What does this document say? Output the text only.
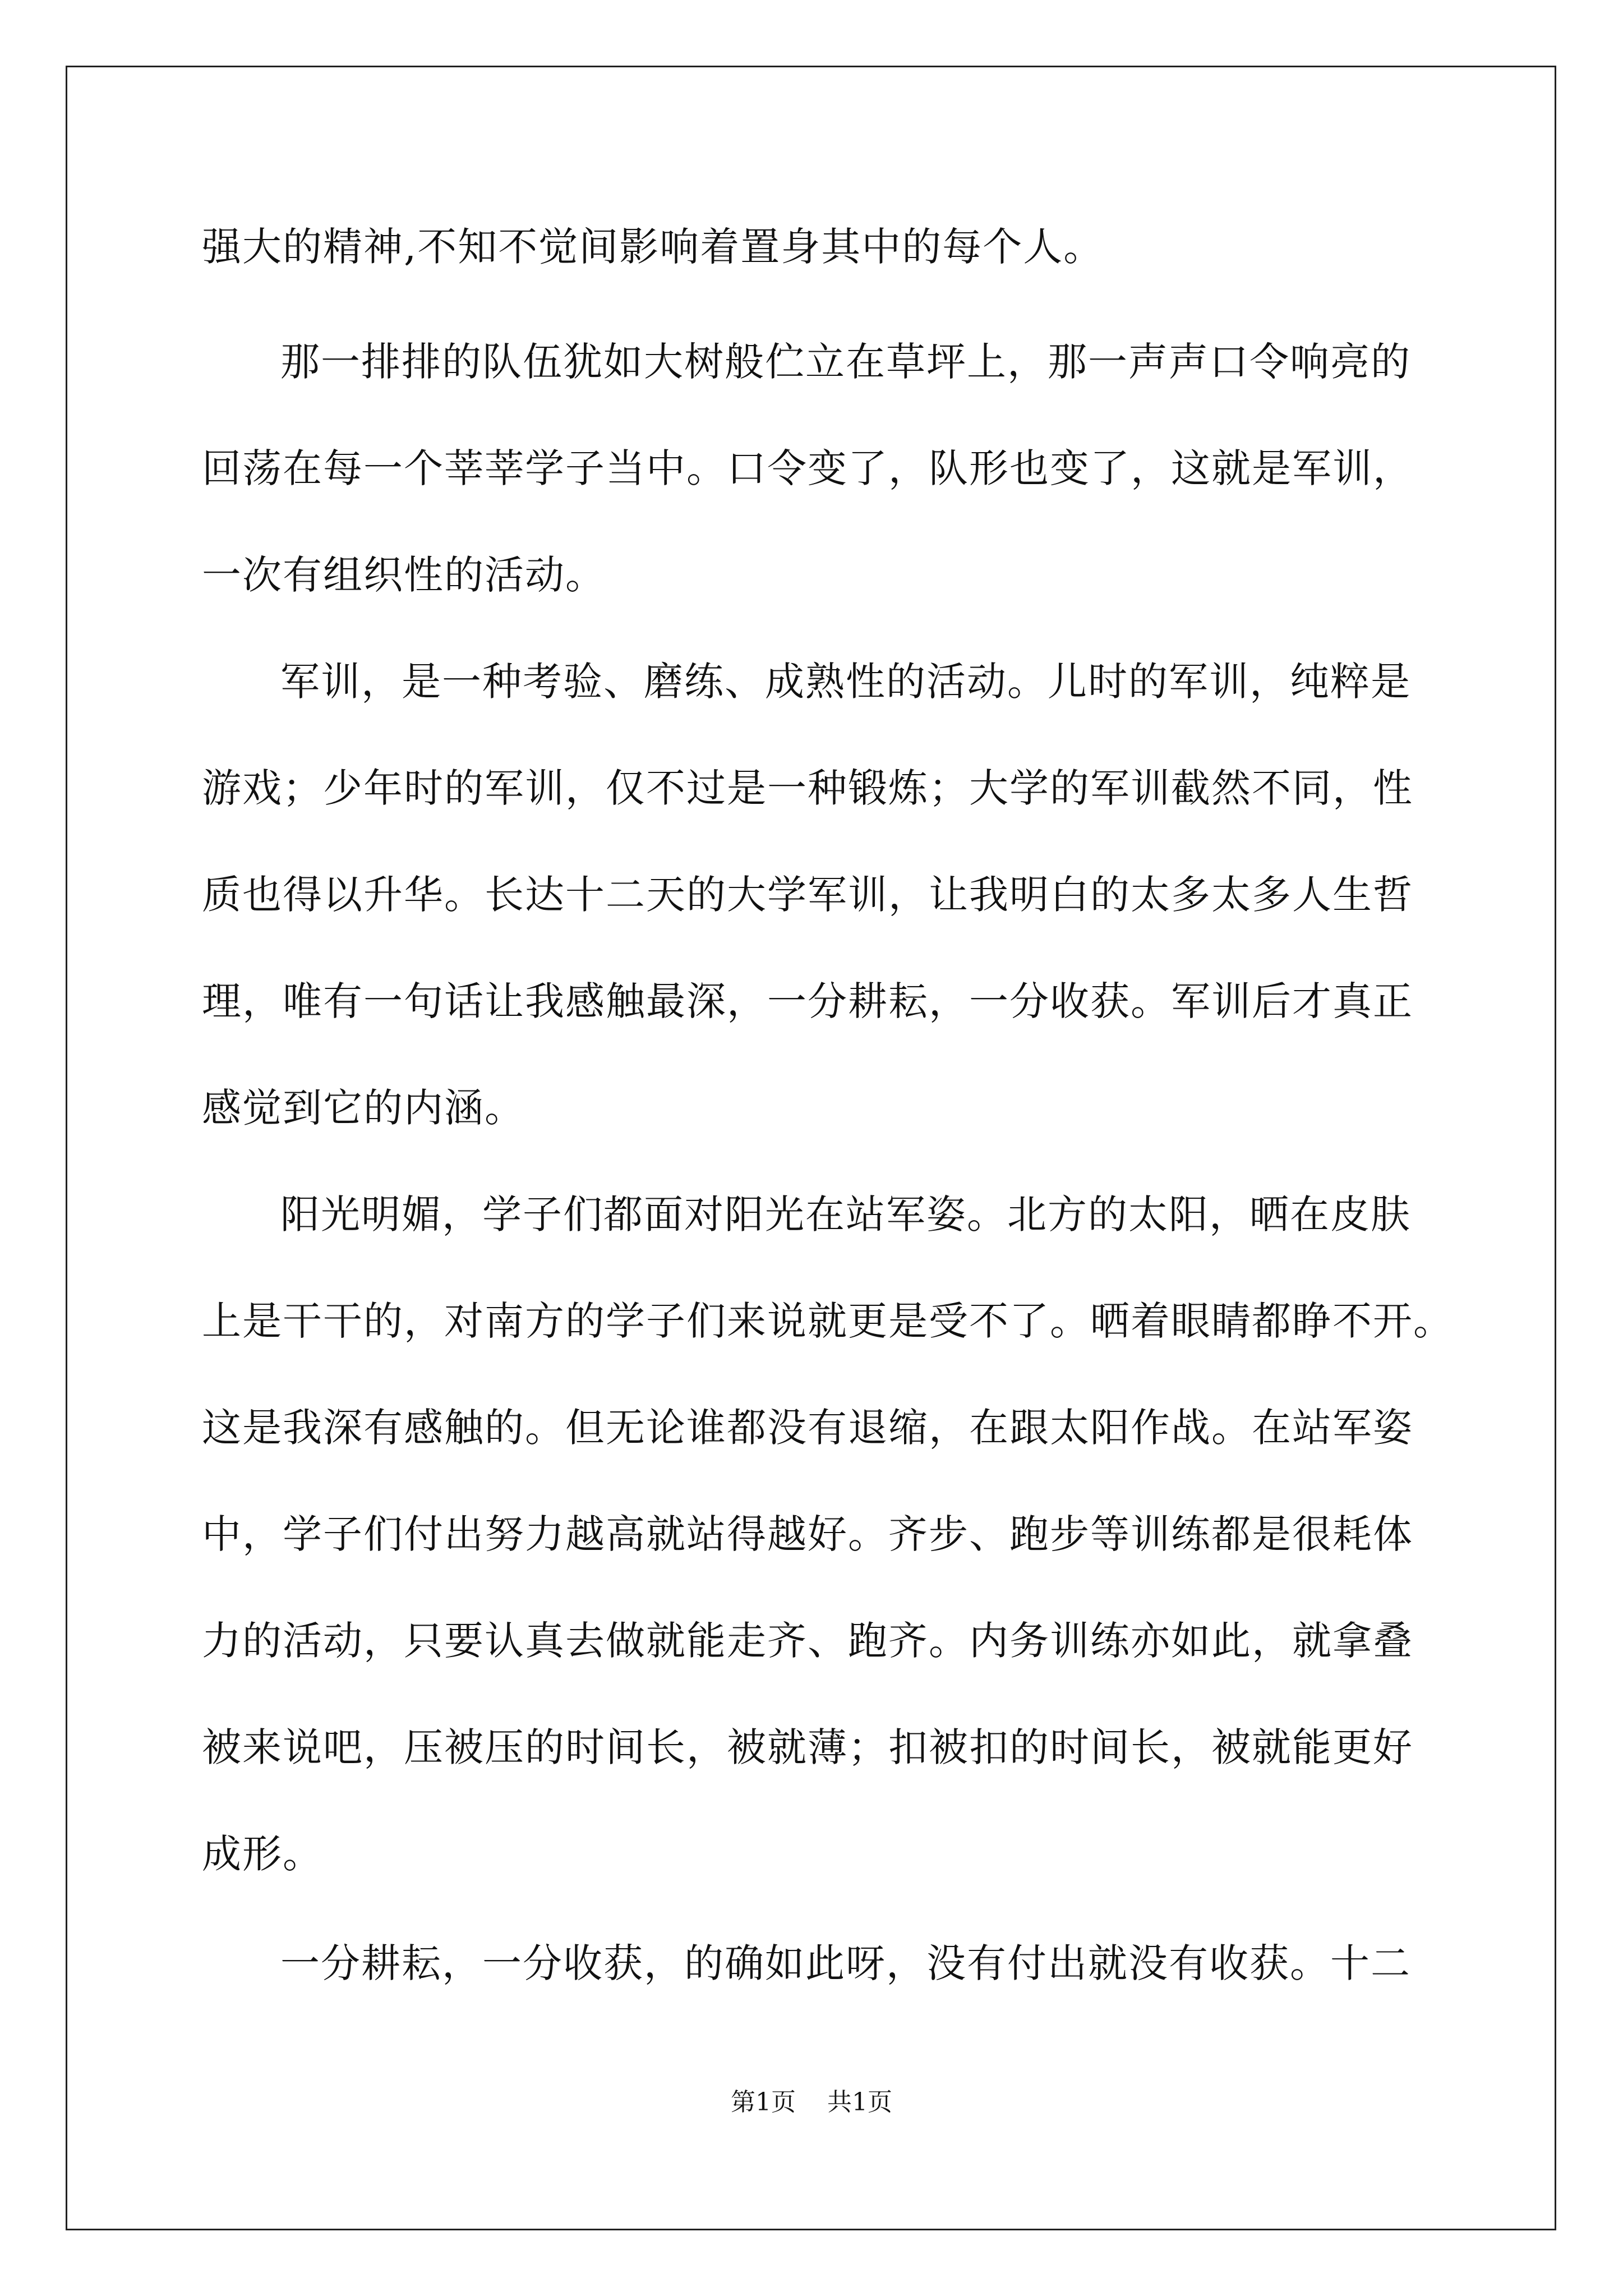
强大的精神,不知不觉间影响着置身其中的每个人。
那一排排的队伍犹如大树般伫立在草坪上，那一声声口令响亮的
回荡在每一个莘莘学子当中。口令变了，队形也变了，这就是军训，
一次有组织性的活动。
军训，是一种考验、磨练、成熟性的活动。儿时的军训，纯粹是
游戏；少年时的军训，仅不过是一种锻炼；大学的军训截然不同，性
质也得以升华。长达十二天的大学军训，让我明白的太多太多人生哲
理，唯有一句话让我感触最深，一分耕耘，一分收获。军训后才真正
感觉到它的内涵。
阳光明媚，学子们都面对阳光在站军姿。北方的太阳，晒在皮肤
上是干干的，对南方的学子们来说就更是受不了。晒着眼睛都睁不开。
这是我深有感触的。但无论谁都没有退缩，在跟太阳作战。在站军姿
中，学子们付出努力越高就站得越好。齐步、跑步等训练都是很耗体
力的活动，只要认真去做就能走齐、跑齐。内务训练亦如此，就拿叠
被来说吧，压被压的时间长，被就薄；扣被扣的时间长，被就能更好
成形。
一分耕耘，一分收获，的确如此呀，没有付出就没有收获。十二
第1页    共1页
